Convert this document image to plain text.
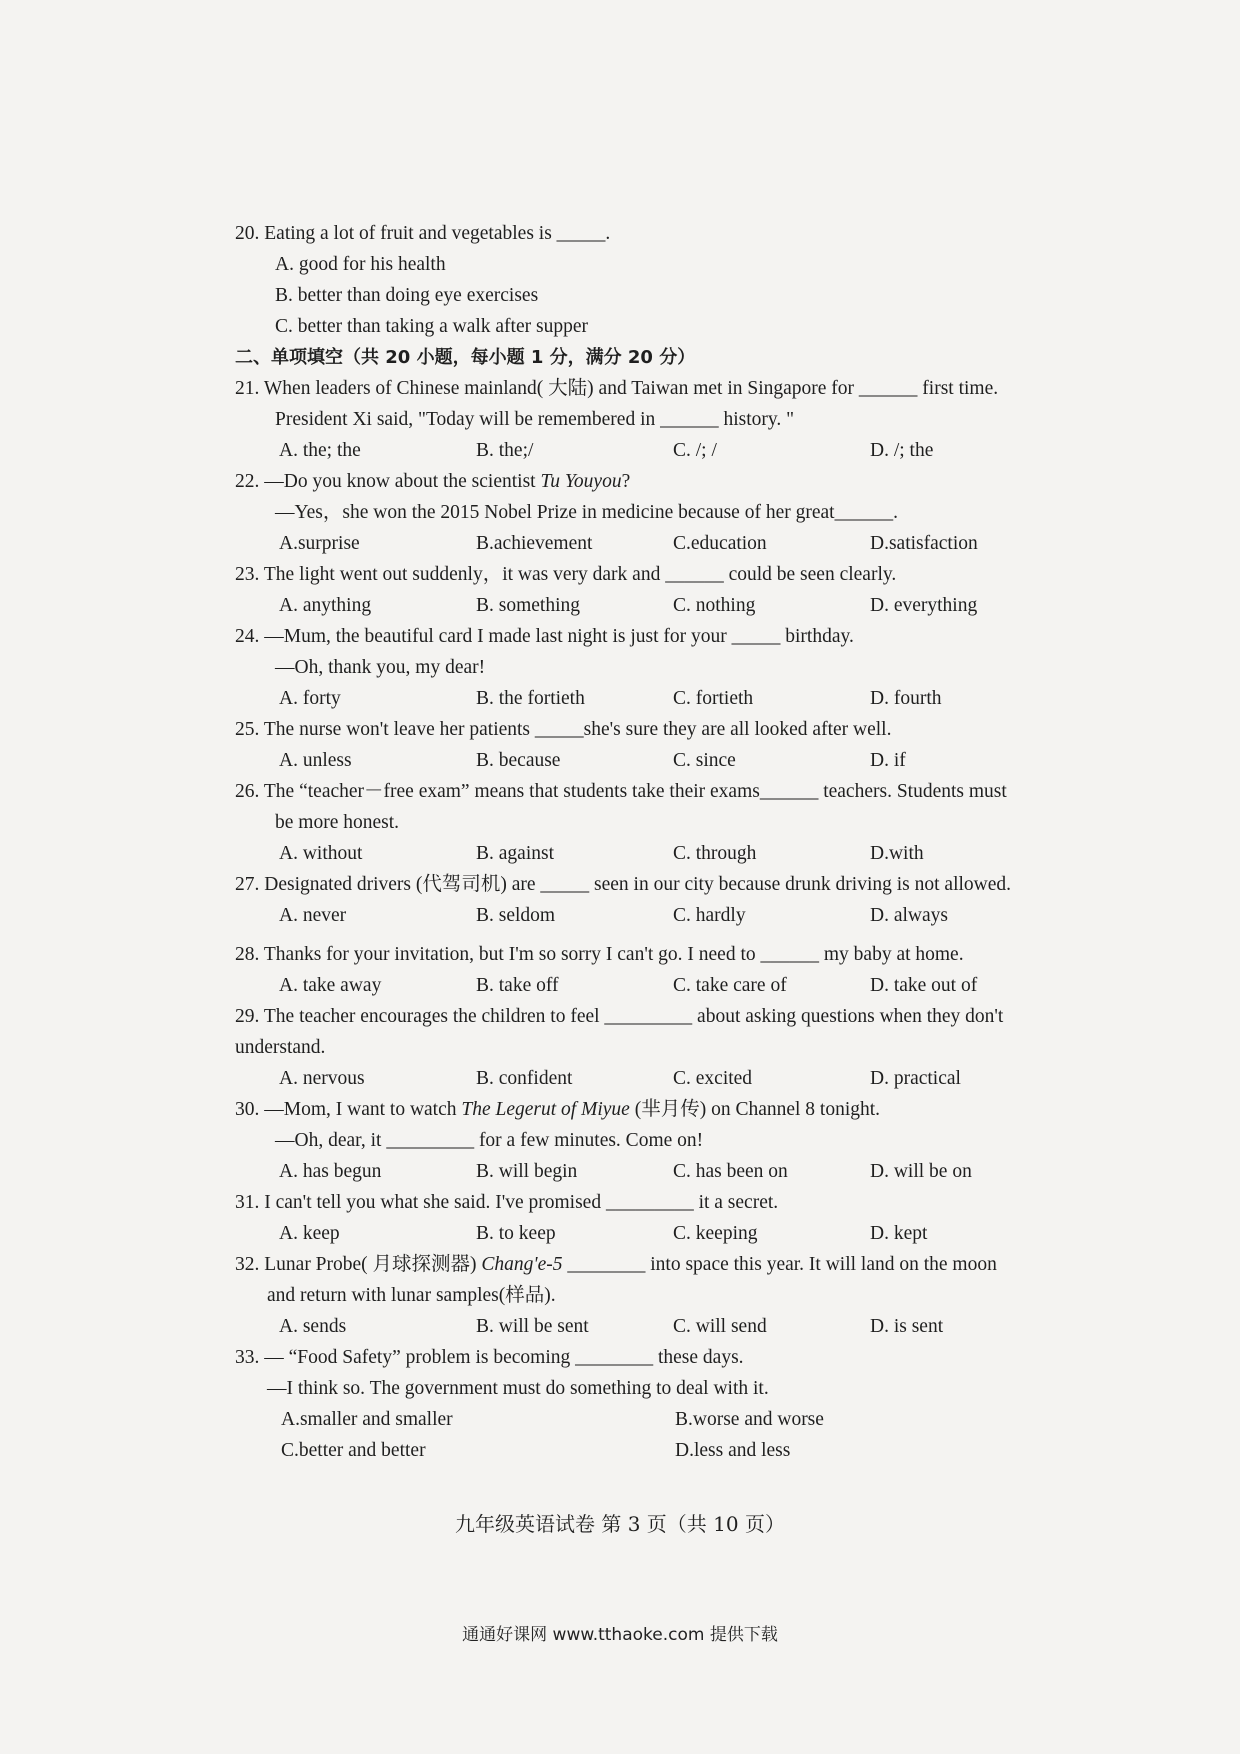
20. Eating a lot of fruit and vegetables is _____.
A. good for his health
B. better than doing eye exercises
C. better than taking a walk after supper
二、单项填空（共 20 小题，每小题 1 分，满分 20 分）
21. When leaders of Chinese mainland( 大陆) and Taiwan met in Singapore for ______ first time.
President Xi said, "Today will be remembered in ______ history. "
A. the; the	B. the;/	C. /; /	D. /; the
22. —Do you know about the scientist Tu Youyou?
—Yes，she won the 2015 Nobel Prize in medicine because of her great______.
A.surprise	B.achievement	C.education	D.satisfaction
23. The light went out suddenly，it was very dark and ______ could be seen clearly.
A. anything	B. something	C. nothing	D. everything
24. —Mum, the beautiful card I made last night is just for your _____ birthday.
—Oh, thank you, my dear!
A. forty	B. the fortieth	C. fortieth	D. fourth
25. The nurse won't leave her patients _____she's sure they are all looked after well.
A. unless	B. because	C. since	D. if
26. The “teacher－free exam” means that students take their exams______ teachers. Students must
be more honest.
A. without	B. against	C. through	D.with
27. Designated drivers (代驾司机) are _____ seen in our city because drunk driving is not allowed.
A. never	B. seldom	C. hardly	D. always
28. Thanks for your invitation, but I'm so sorry I can't go. I need to ______ my baby at home.
A. take away	B. take off	C. take care of	D. take out of
29. The teacher encourages the children to feel _________ about asking questions when they don't
understand.
A. nervous	B. confident	C. excited	D. practical
30. —Mom, I want to watch The Legerut of Miyue (芈月传) on Channel 8 tonight.
—Oh, dear, it _________ for a few minutes. Come on!
A. has begun	B. will begin	C. has been on	D. will be on
31. I can't tell you what she said. I've promised _________ it a secret.
A. keep	B. to keep	C. keeping	D. kept
32. Lunar Probe( 月球探测器) Chang'e-5 ________ into space this year. It will land on the moon
and return with lunar samples(样品).
A. sends	B. will be sent	C. will send	D. is sent
33. — “Food Safety” problem is becoming ________ these days.
—I think so. The government must do something to deal with it.
A.smaller and smaller	B.worse and worse
C.better and better	D.less and less
九年级英语试卷 第 3 页（共 10 页）
通通好课网 www.tthaoke.com 提供下载
